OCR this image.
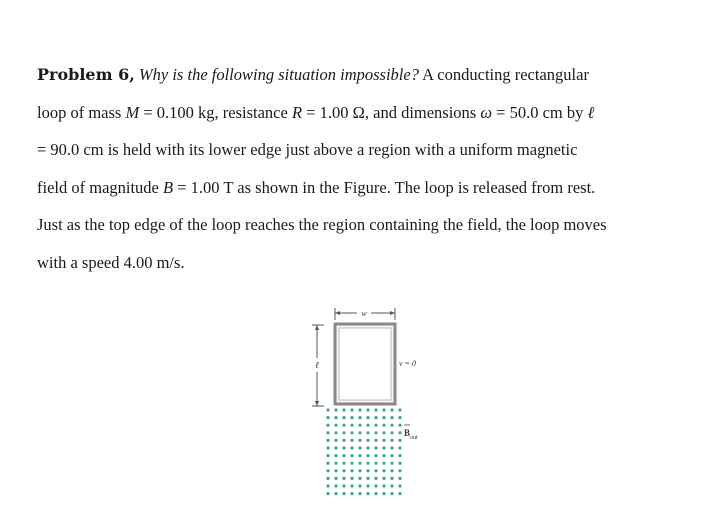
Problem 6, Why is the following situation impossible? A conducting rectangular
loop of mass M = 0.100 kg, resistance R = 1.00 Ω, and dimensions ω = 50.0 cm by ℓ
= 90.0 cm is held with its lower edge just above a region with a uniform magnetic
field of magnitude B = 1.00 T as shown in the Figure. The loop is released from rest.
Just as the top edge of the loop reaches the region containing the field, the loop moves
with a speed 4.00 m/s.

w
ℓ	v = 0
$B_{out}$
